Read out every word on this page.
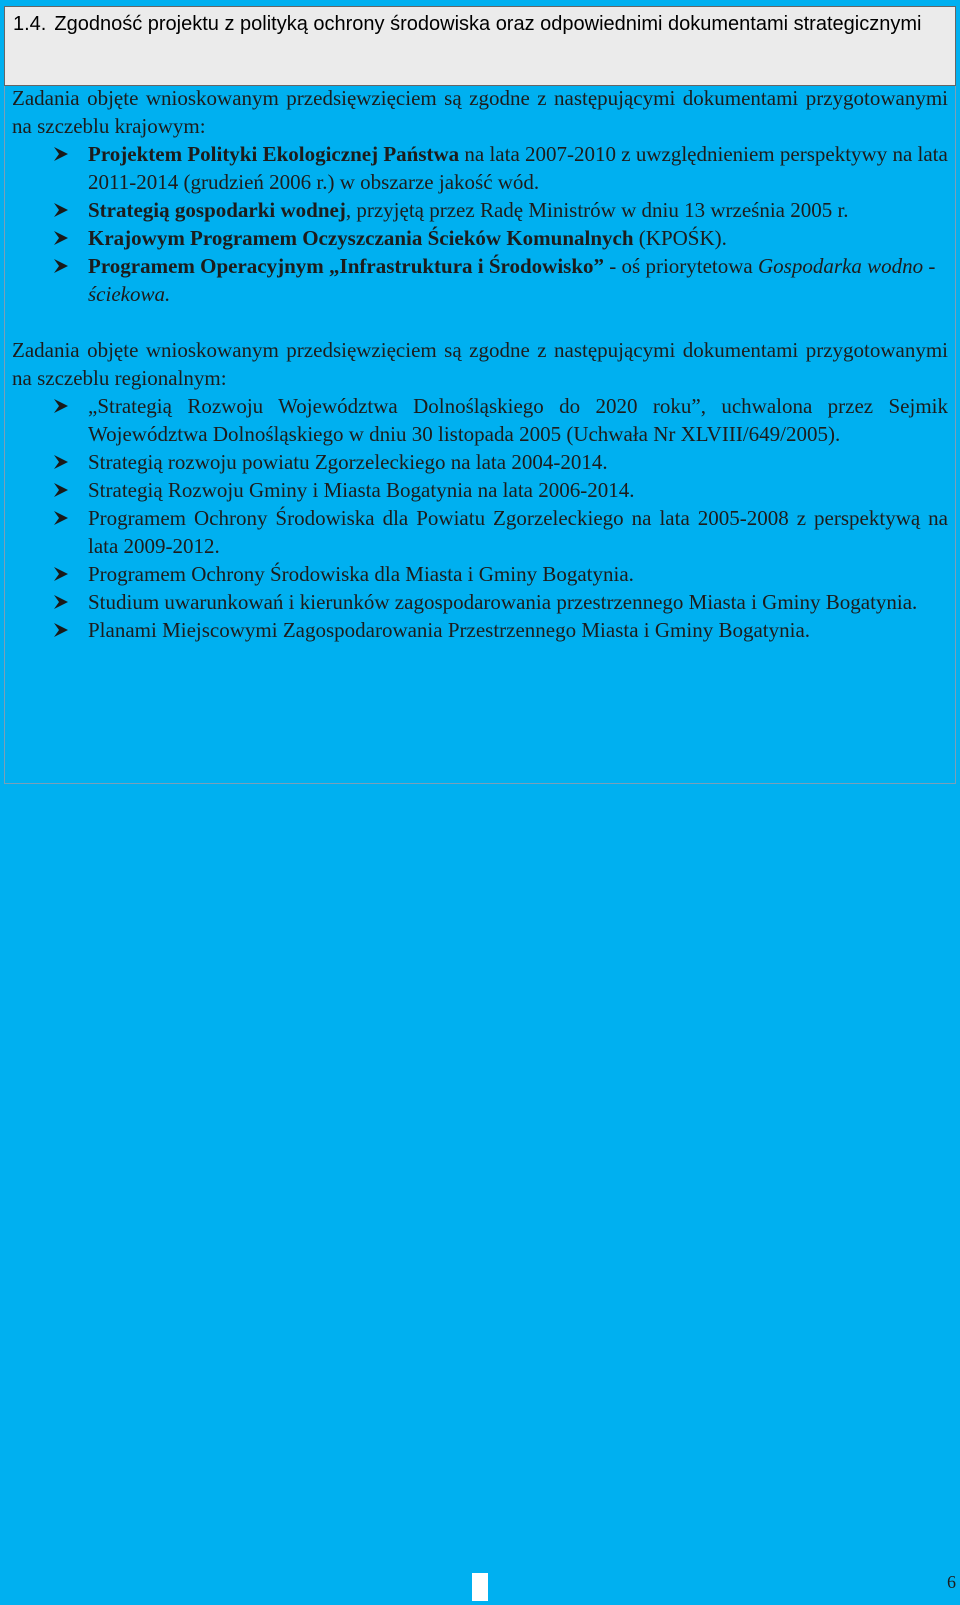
1.4. Zgodność projektu z polityką ochrony środowiska oraz odpowiednimi dokumentami strategicznymi

Zadania objęte wnioskowanym przedsięwzięciem są zgodne z następującymi dokumentami przygotowanymi na szczeblu krajowym:

Projektem Polityki Ekologicznej Państwa na lata 2007-2010 z uwzględnieniem perspektywy na lata 2011-2014 (grudzień 2006 r.) w obszarze jakość wód.
Strategią gospodarki wodnej, przyjętą przez Radę Ministrów w dniu 13 września 2005 r.
Krajowym Programem Oczyszczania Ścieków Komunalnych (KPOŚK).
Programem Operacyjnym „Infrastruktura i Środowisko” - oś priorytetowa Gospodarka wodno - ściekowa.

Zadania objęte wnioskowanym przedsięwzięciem są zgodne z następującymi dokumentami przygotowanymi na szczeblu regionalnym:

„Strategią Rozwoju Województwa Dolnośląskiego do 2020 roku”, uchwalona przez Sejmik Województwa Dolnośląskiego w dniu 30 listopada 2005 (Uchwała Nr XLVIII/649/2005).
Strategią rozwoju powiatu Zgorzeleckiego na lata 2004-2014.
Strategią Rozwoju Gminy i Miasta Bogatynia na lata 2006-2014.
Programem Ochrony Środowiska dla Powiatu Zgorzeleckiego na lata 2005-2008 z perspektywą na lata 2009-2012.
Programem Ochrony Środowiska dla Miasta i Gminy Bogatynia.
Studium uwarunkowań i kierunków zagospodarowania przestrzennego Miasta i Gminy Bogatynia.
Planami Miejscowymi Zagospodarowania Przestrzennego Miasta i Gminy Bogatynia.
6
